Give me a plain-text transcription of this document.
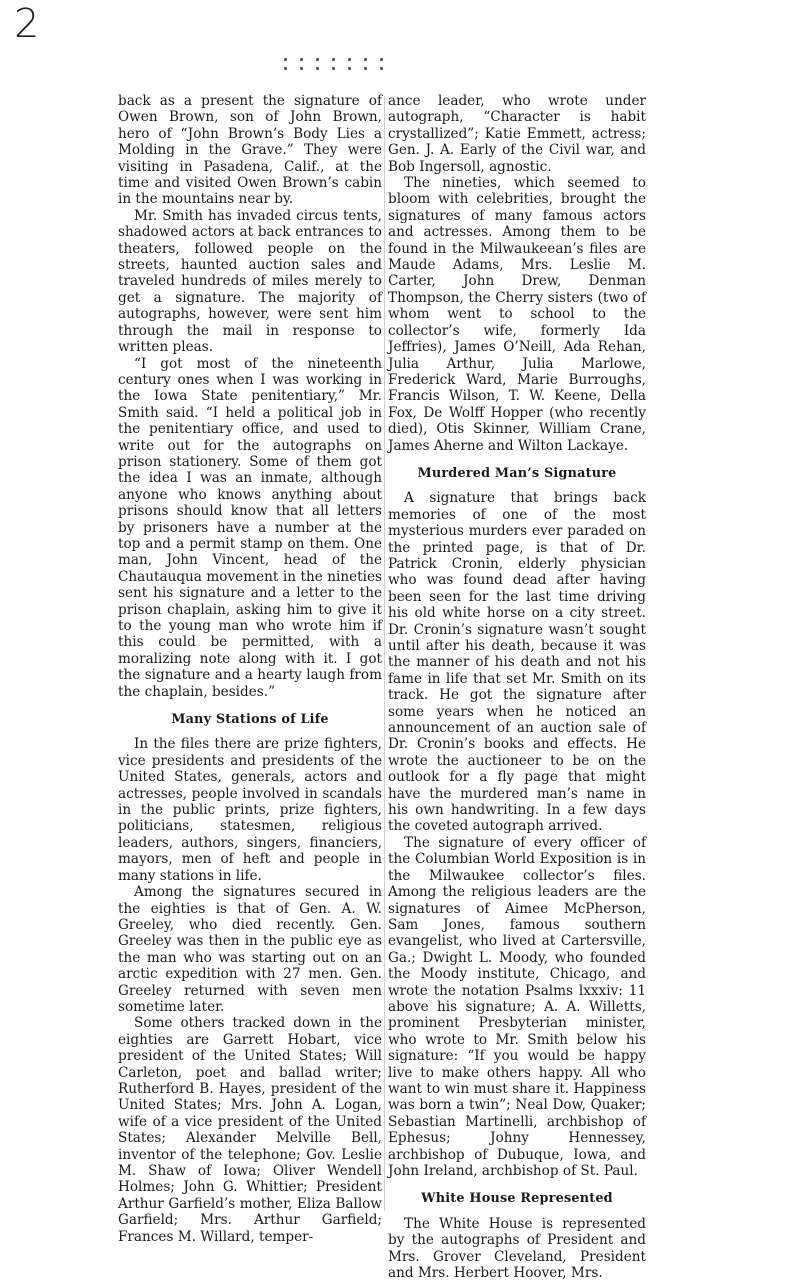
2

back as a present the signature of Owen Brown, son of John Brown, hero of “John Brown’s Body Lies a Molding in the Grave.” They were visiting in Pasadena, Calif., at the time and visited Owen Brown’s cabin in the mountains near by.

Mr. Smith has invaded circus tents, shadowed actors at back entrances to theaters, followed people on the streets, haunted auction sales and traveled hundreds of miles merely to get a signature. The majority of autographs, however, were sent him through the mail in response to written pleas.

“I got most of the nineteenth century ones when I was working in the Iowa State penitentiary,” Mr. Smith said. “I held a political job in the penitentiary office, and used to write out for the autographs on prison stationery. Some of them got the idea I was an inmate, although anyone who knows anything about prisons should know that all letters by prisoners have a number at the top and a permit stamp on them. One man, John Vincent, head of the Chautauqua movement in the nineties sent his signature and a letter to the prison chaplain, asking him to give it to the young man who wrote him if this could be permitted, with a moralizing note along with it. I got the signature and a hearty laugh from the chaplain, besides.”

Many Stations of Life

In the files there are prize fighters, vice presidents and presidents of the United States, generals, actors and actresses, people involved in scandals in the public prints, prize fighters, politicians, statesmen, religious leaders, authors, singers, financiers, mayors, men of heft and people in many stations in life.

Among the signatures secured in the eighties is that of Gen. A. W. Greeley, who died recently. Gen. Greeley was then in the public eye as the man who was starting out on an arctic expedition with 27 men. Gen. Greeley returned with seven men sometime later.

Some others tracked down in the eighties are Garrett Hobart, vice president of the United States; Will Carleton, poet and ballad writer; Rutherford B. Hayes, president of the United States; Mrs. John A. Logan, wife of a vice president of the United States; Alexander Melville Bell, inventor of the telephone; Gov. Leslie M. Shaw of Iowa; Oliver Wendell Holmes; John G. Whittier; President Arthur Garfield’s mother, Eliza Ballow Garfield; Mrs. Arthur Garfield; Frances M. Willard, temper-

ance leader, who wrote under autograph, “Character is habit crystallized”; Katie Emmett, actress; Gen. J. A. Early of the Civil war, and Bob Ingersoll, agnostic.

The nineties, which seemed to bloom with celebrities, brought the signatures of many famous actors and actresses. Among them to be found in the Milwaukeean’s files are Maude Adams, Mrs. Leslie M. Carter, John Drew, Denman Thompson, the Cherry sisters (two of whom went to school to the collector’s wife, formerly Ida Jeffries), James O’Neill, Ada Rehan, Julia Arthur, Julia Marlowe, Frederick Ward, Marie Burroughs, Francis Wilson, T. W. Keene, Della Fox, De Wolff Hopper (who recently died), Otis Skinner, William Crane, James Aherne and Wilton Lackaye.

Murdered Man’s Signature

A signature that brings back memories of one of the most mysterious murders ever paraded on the printed page, is that of Dr. Patrick Cronin, elderly physician who was found dead after having been seen for the last time driving his old white horse on a city street. Dr. Cronin’s signature wasn’t sought until after his death, because it was the manner of his death and not his fame in life that set Mr. Smith on its track. He got the signature after some years when he noticed an announcement of an auction sale of Dr. Cronin’s books and effects. He wrote the auctioneer to be on the outlook for a fly page that might have the murdered man’s name in his own handwriting. In a few days the coveted autograph arrived.

The signature of every officer of the Columbian World Exposition is in the Milwaukee collector’s files. Among the religious leaders are the signatures of Aimee McPherson, Sam Jones, famous southern evangelist, who lived at Cartersville, Ga.; Dwight L. Moody, who founded the Moody institute, Chicago, and wrote the notation Psalms lxxxiv: 11 above his signature; A. A. Willetts, prominent Presbyterian minister, who wrote to Mr. Smith below his signature: “If you would be happy live to make others happy. All who want to win must share it. Happiness was born a twin”; Neal Dow, Quaker; Sebastian Martinelli, archbishop of Ephesus; Johny Hennessey, archbishop of Dubuque, Iowa, and John Ireland, archbishop of St. Paul.

White House Represented

The White House is represented by the autographs of President and Mrs. Grover Cleveland, President and Mrs. Herbert Hoover, Mrs.
